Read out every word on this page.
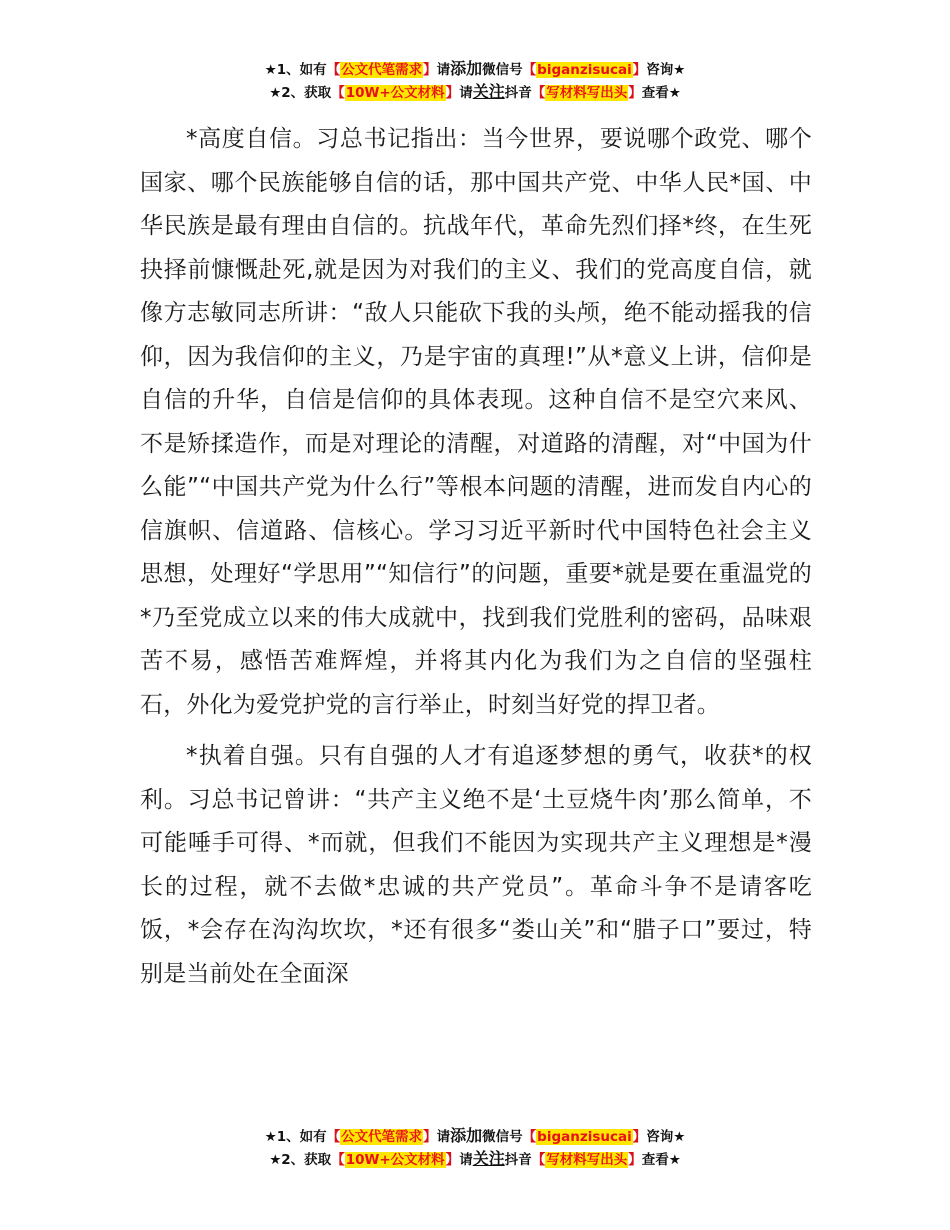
★1、如有【公文代笔需求】请添加微信号【biganzisucai】咨询★
★2、获取【10W+公文材料】请关注抖音【写材料写出头】查看★

*高度自信。习总书记指出：当今世界，要说哪个政党、哪个国家、哪个民族能够自信的话，那中国共产党、中华人民*国、中华民族是最有理由自信的。抗战年代，革命先烈们择*终，在生死抉择前慷慨赴死,就是因为对我们的主义、我们的党高度自信，就像方志敏同志所讲：“敌人只能砍下我的头颅，绝不能动摇我的信仰，因为我信仰的主义，乃是宇宙的真理!”从*意义上讲，信仰是自信的升华，自信是信仰的具体表现。这种自信不是空穴来风、不是矫揉造作，而是对理论的清醒，对道路的清醒，对“中国为什么能”“中国共产党为什么行”等根本问题的清醒，进而发自内心的信旗帜、信道路、信核心。学习习近平新时代中国特色社会主义思想，处理好“学思用”“知信行”的问题，重要*就是要在重温党的*乃至党成立以来的伟大成就中，找到我们党胜利的密码，品味艰苦不易，感悟苦难辉煌，并将其内化为我们为之自信的坚强柱石，外化为爱党护党的言行举止，时刻当好党的捍卫者。

*执着自强。只有自强的人才有追逐梦想的勇气，收获*的权利。习总书记曾讲：“共产主义绝不是‘土豆烧牛肉’那么简单，不可能唾手可得、*而就，但我们不能因为实现共产主义理想是*漫长的过程，就不去做*忠诚的共产党员”。革命斗争不是请客吃饭，*会存在沟沟坎坎，*还有很多“娄山关”和“腊子口”要过，特别是当前处在全面深

★1、如有【公文代笔需求】请添加微信号【biganzisucai】咨询★
★2、获取【10W+公文材料】请关注抖音【写材料写出头】查看★
